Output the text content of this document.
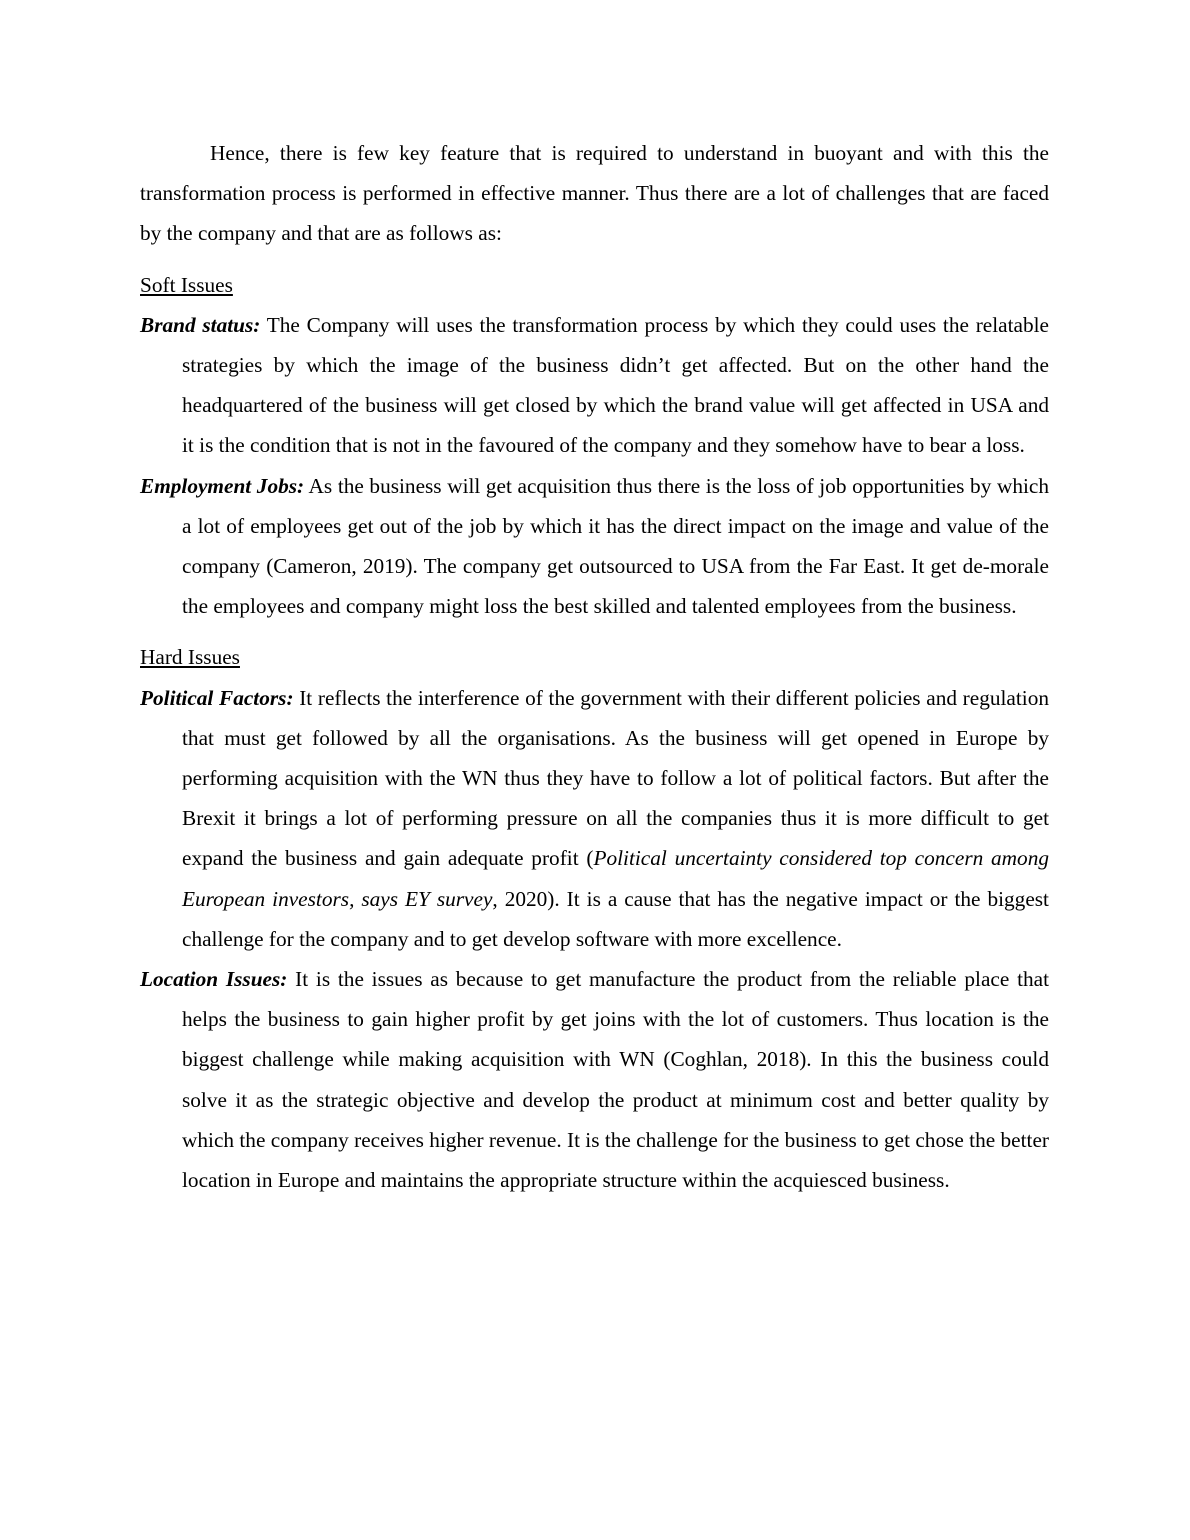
Hence, there is few key feature that is required to understand in buoyant and with this the transformation process is performed in effective manner. Thus there are a lot of challenges that are faced by the company and that are as follows as:

Soft Issues

Brand status: The Company will uses the transformation process by which they could uses the relatable strategies by which the image of the business didn’t get affected. But on the other hand the headquartered of the business will get closed by which the brand value will get affected in USA and it is the condition that is not in the favoured of the company and they somehow have to bear a loss.

Employment Jobs: As the business will get acquisition thus there is the loss of job opportunities by which a lot of employees get out of the job by which it has the direct impact on the image and value of the company (Cameron, 2019). The company get outsourced to USA from the Far East. It get de-morale the employees and company might loss the best skilled and talented employees from the business.

Hard Issues

Political Factors: It reflects the interference of the government with their different policies and regulation that must get followed by all the organisations. As the business will get opened in Europe by performing acquisition with the WN thus they have to follow a lot of political factors. But after the Brexit it brings a lot of performing pressure on all the companies thus it is more difficult to get expand the business and gain adequate profit (Political uncertainty considered top concern among European investors, says EY survey, 2020). It is a cause that has the negative impact or the biggest challenge for the company and to get develop software with more excellence.

Location Issues: It is the issues as because to get manufacture the product from the reliable place that helps the business to gain higher profit by get joins with the lot of customers. Thus location is the biggest challenge while making acquisition with WN (Coghlan, 2018). In this the business could solve it as the strategic objective and develop the product at minimum cost and better quality by which the company receives higher revenue. It is the challenge for the business to get chose the better location in Europe and maintains the appropriate structure within the acquiesced business.
